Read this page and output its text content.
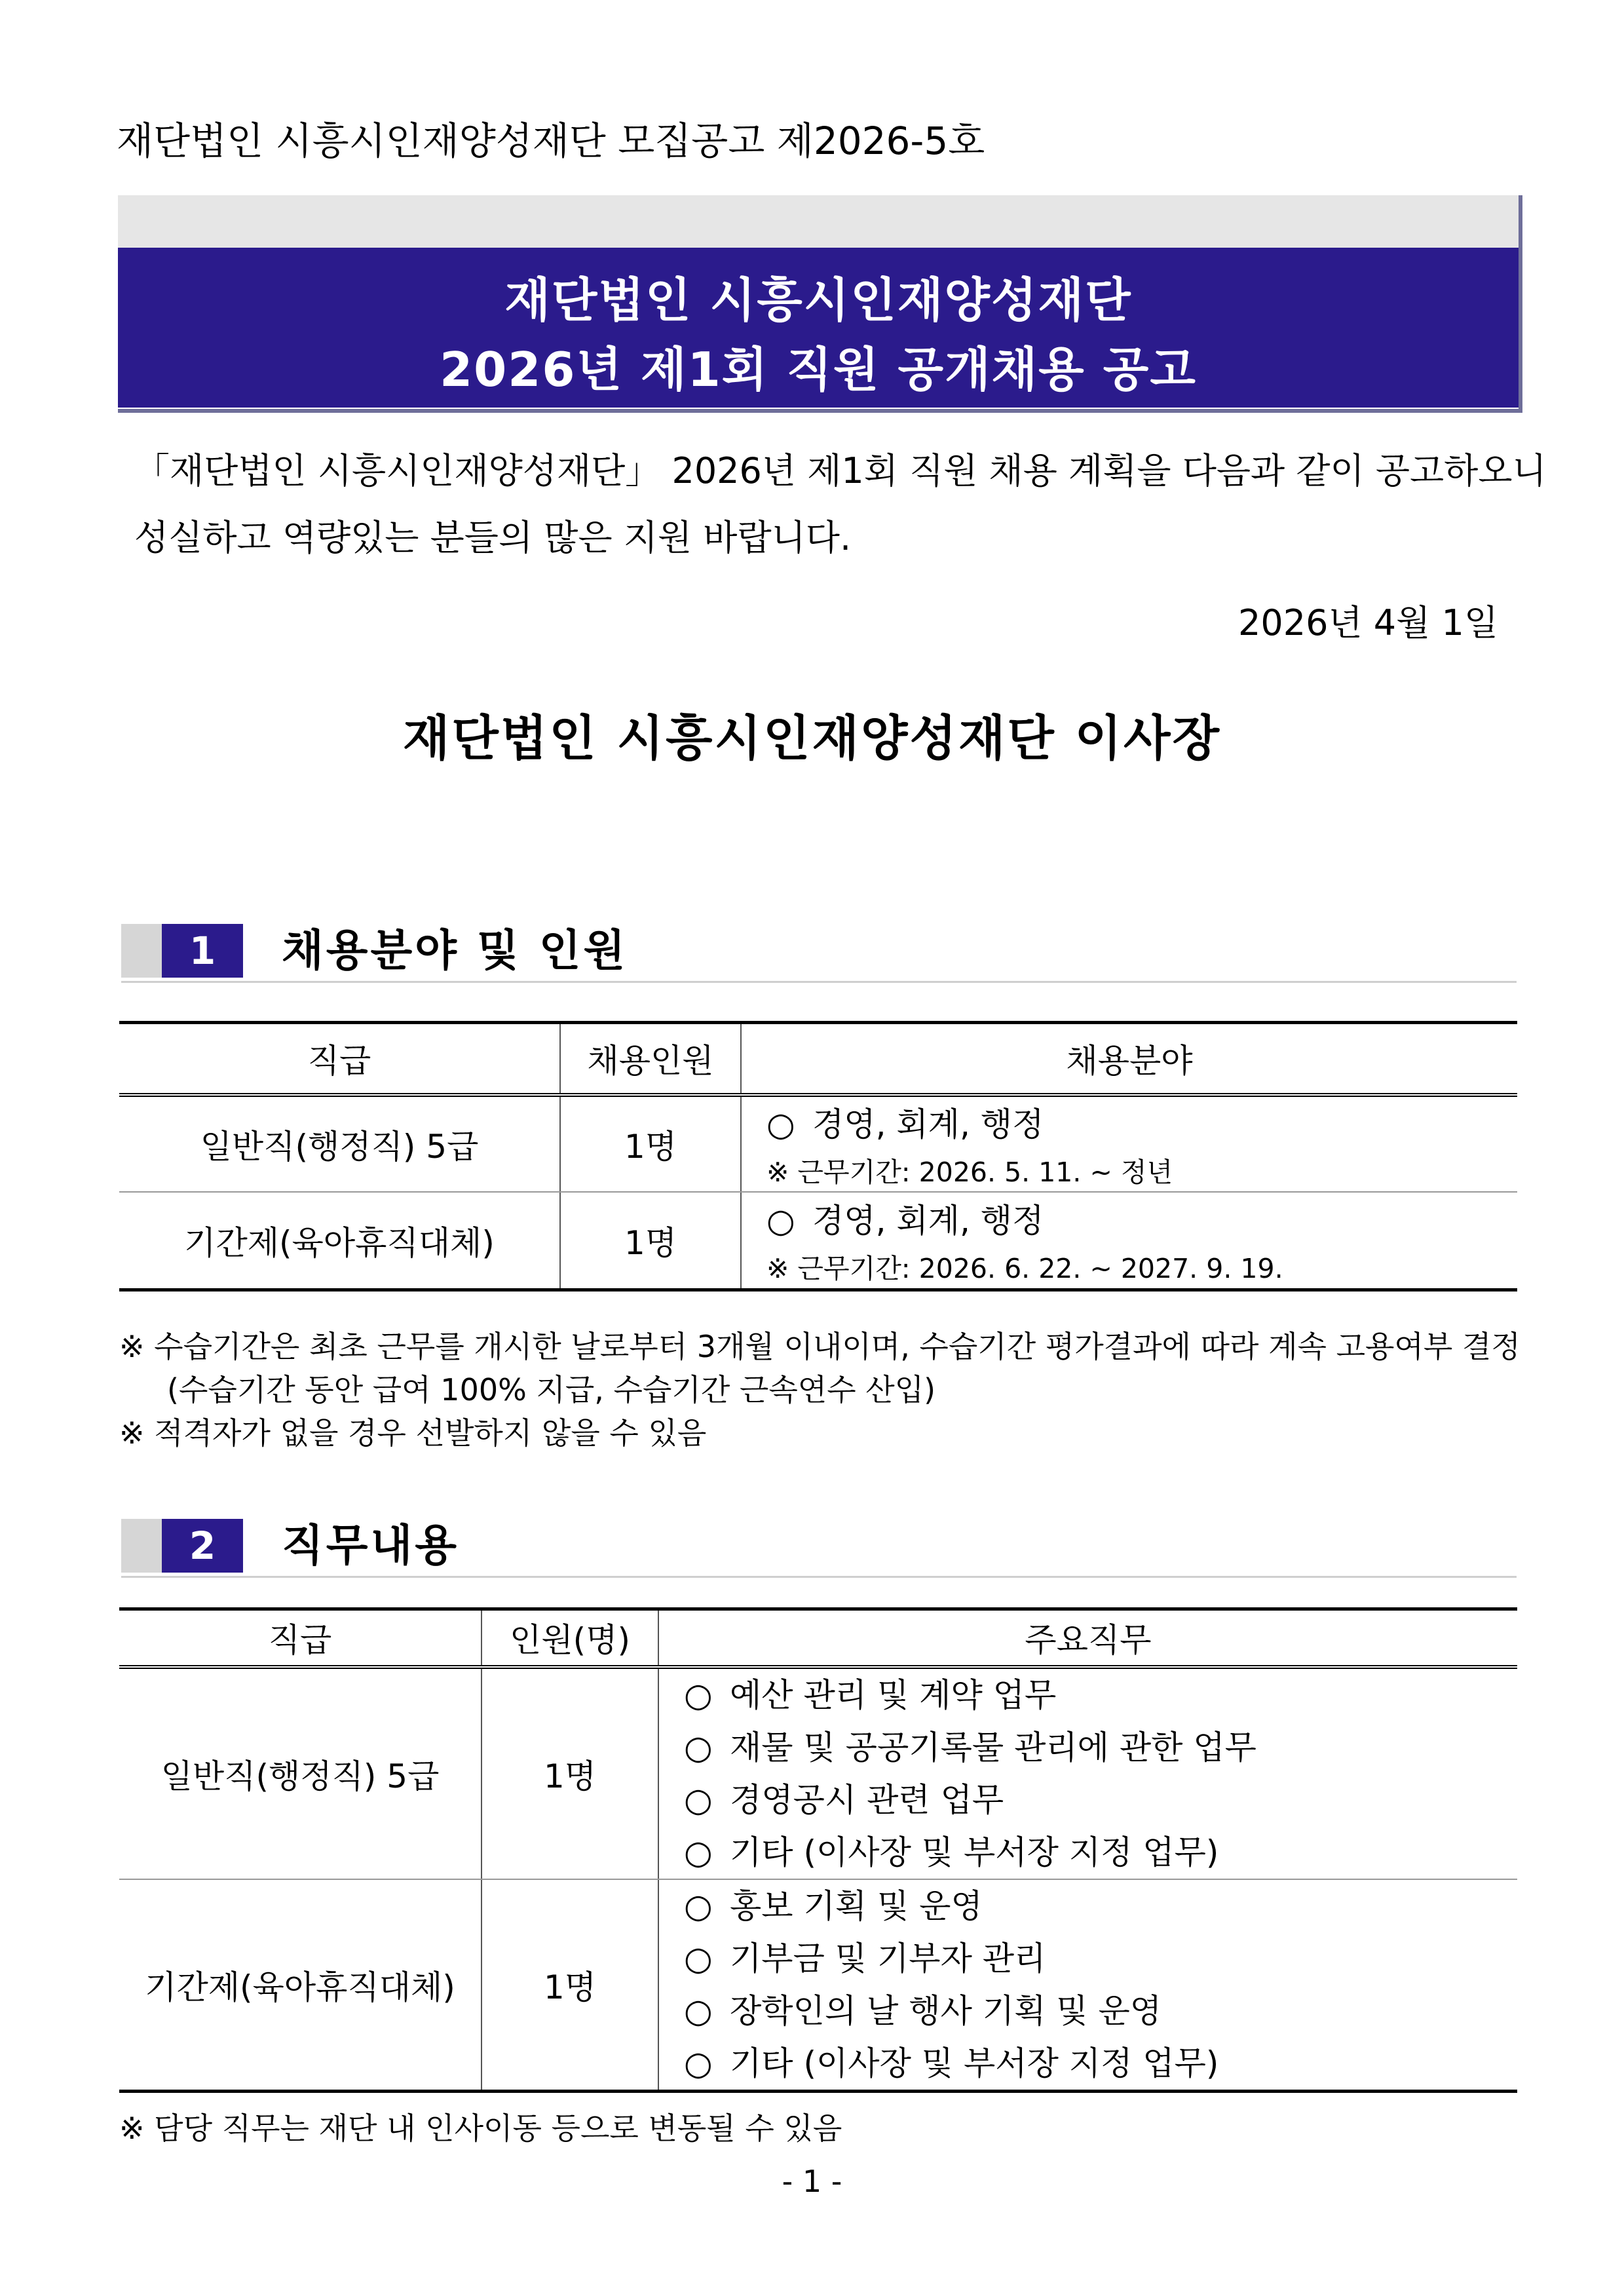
재단법인 시흥시인재양성재단 모집공고 제2026-5호
재단법인 시흥시인재양성재단
2026년 제1회 직원 공개채용 공고
「재단법인 시흥시인재양성재단」 2026년 제1회 직원 채용 계획을 다음과 같이 공고하오니
성실하고 역량있는 분들의 많은 지원 바랍니다.
2026년 4월 1일
재단법인 시흥시인재양성재단 이사장
1	채용분야 및 인원
직급	채용인원	채용분야
일반직(행정직) 5급	1명	○ 경영, 회계, 행정
※ 근무기간: 2026. 5. 11. ~ 정년

기간제(육아휴직대체)	1명	○ 경영, 회계, 행정
※ 근무기간: 2026. 6. 22. ~ 2027. 9. 19.
※ 수습기간은 최초 근무를 개시한 날로부터 3개월 이내이며, 수습기간 평가결과에 따라 계속 고용여부 결정
(수습기간 동안 급여 100% 지급, 수습기간 근속연수 산입)
※ 적격자가 없을 경우 선발하지 않을 수 있음
2	직무내용
직급	인원(명)	주요직무
일반직(행정직) 5급	1명	○ 예산 관리 및 계약 업무
○ 재물 및 공공기록물 관리에 관한 업무
○ 경영공시 관련 업무
○ 기타 (이사장 및 부서장 지정 업무)

기간제(육아휴직대체)	1명	○ 홍보 기획 및 운영
○ 기부금 및 기부자 관리
○ 장학인의 날 행사 기획 및 운영
○ 기타 (이사장 및 부서장 지정 업무)
※ 담당 직무는 재단 내 인사이동 등으로 변동될 수 있음
- 1 -
